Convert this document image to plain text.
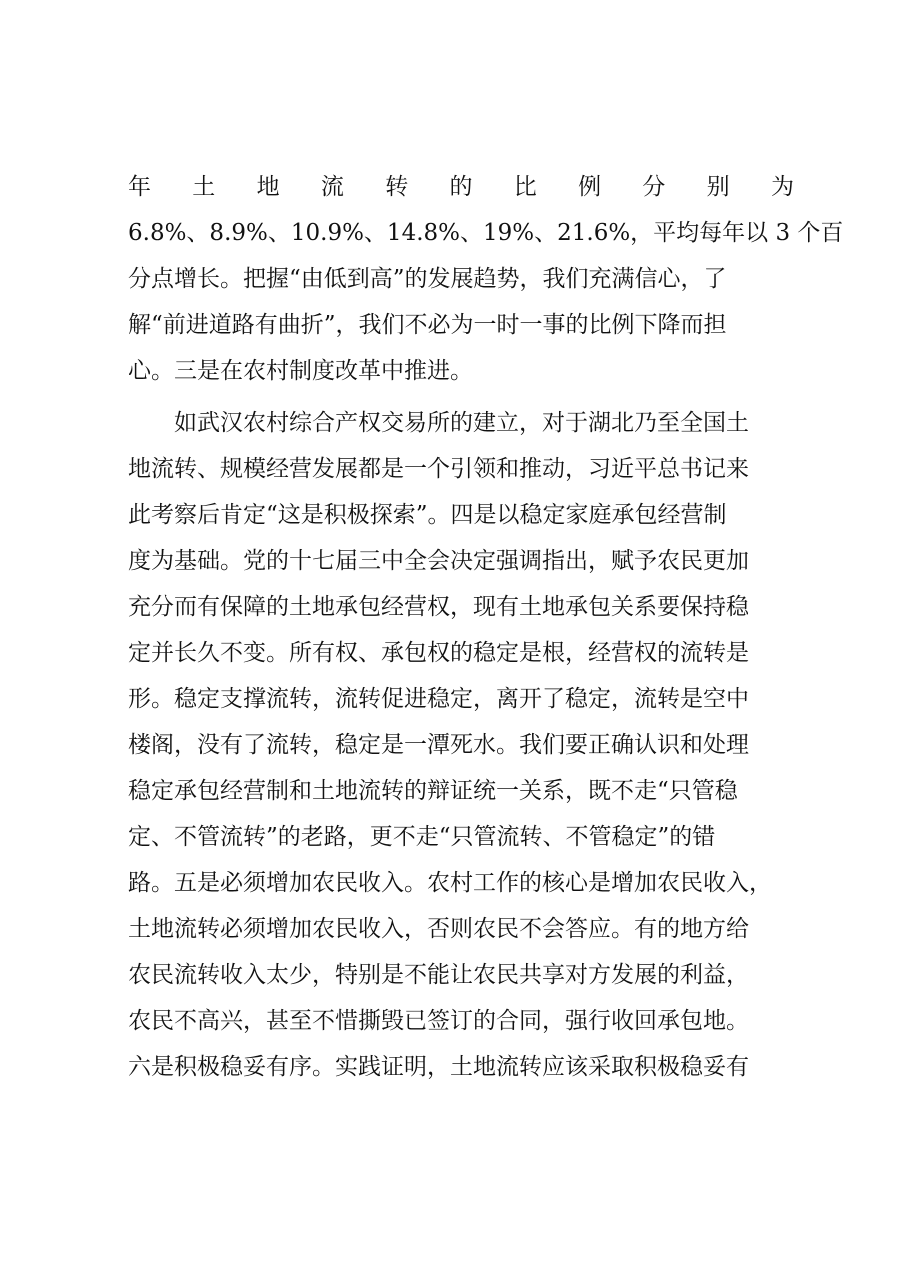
年 土 地 流 转 的 比 例 分 别 为
6.8%、8.9%、10.9%、14.8%、19%、21.6%，平均每年以 3 个百
分点增长。把握“由低到高”的发展趋势，我们充满信心，了
解“前进道路有曲折”，我们不必为一时一事的比例下降而担
心。三是在农村制度改革中推进。
如武汉农村综合产权交易所的建立，对于湖北乃至全国土
地流转、规模经营发展都是一个引领和推动，习近平总书记来
此考察后肯定“这是积极探索”。四是以稳定家庭承包经营制
度为基础。党的十七届三中全会决定强调指出，赋予农民更加
充分而有保障的土地承包经营权，现有土地承包关系要保持稳
定并长久不变。所有权、承包权的稳定是根，经营权的流转是
形。稳定支撑流转，流转促进稳定，离开了稳定，流转是空中
楼阁，没有了流转，稳定是一潭死水。我们要正确认识和处理
稳定承包经营制和土地流转的辩证统一关系，既不走“只管稳
定、不管流转”的老路，更不走“只管流转、不管稳定”的错
路。五是必须增加农民收入。农村工作的核心是增加农民收入，
土地流转必须增加农民收入，否则农民不会答应。有的地方给
农民流转收入太少，特别是不能让农民共享对方发展的利益，
农民不高兴，甚至不惜撕毁已签订的合同，强行收回承包地。
六是积极稳妥有序。实践证明，土地流转应该采取积极稳妥有
